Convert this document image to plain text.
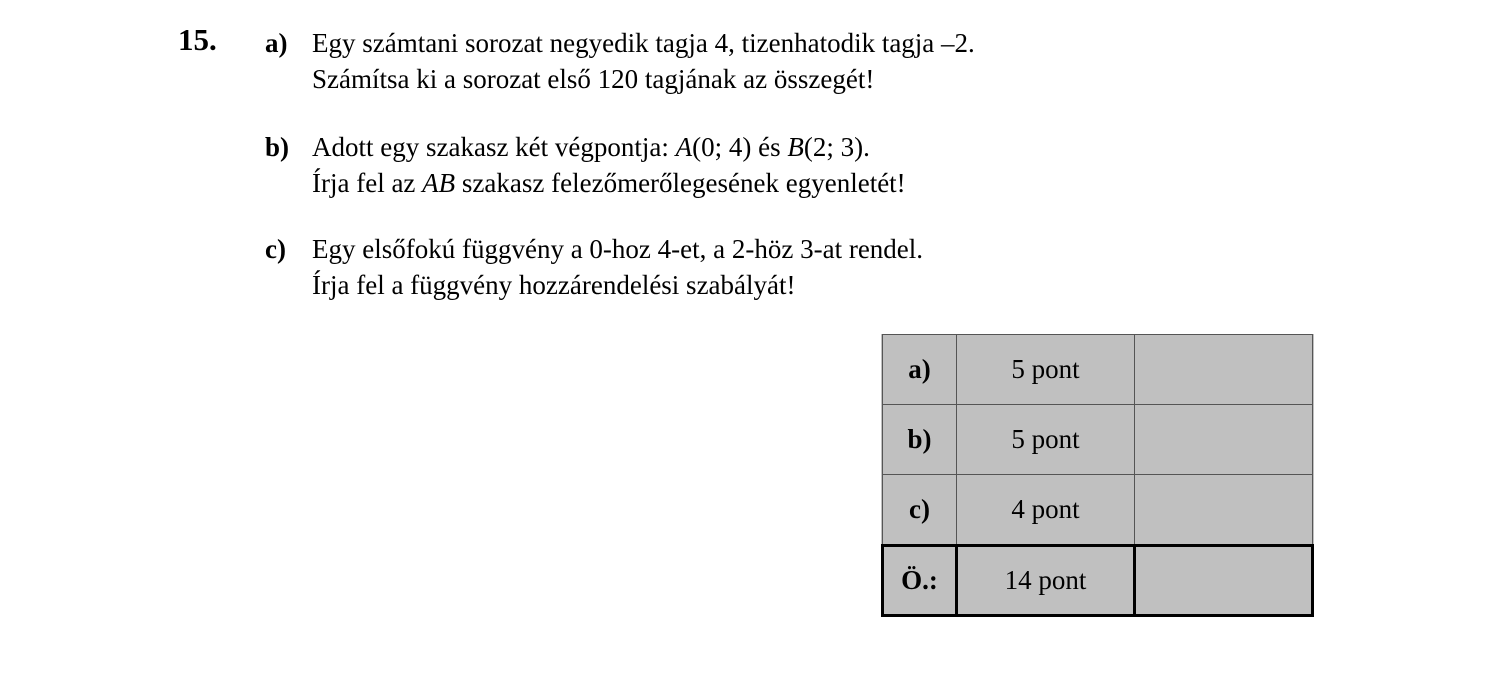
15. a) Egy számtani sorozat negyedik tagja 4, tizenhatodik tagja –2.
Számítsa ki a sorozat első 120 tagjának az összegét!
b) Adott egy szakasz két végpontja: A(0; 4) és B(2; 3).
Írja fel az AB szakasz felezőmerőlegesének egyenletét!
c) Egy elsőfokú függvény a 0-hoz 4-et, a 2-höz 3-at rendel.
Írja fel a függvény hozzárendelési szabályát!
a)	5 pont	
b)	5 pont	
c)	4 pont	
Ö.:	14 pont	
